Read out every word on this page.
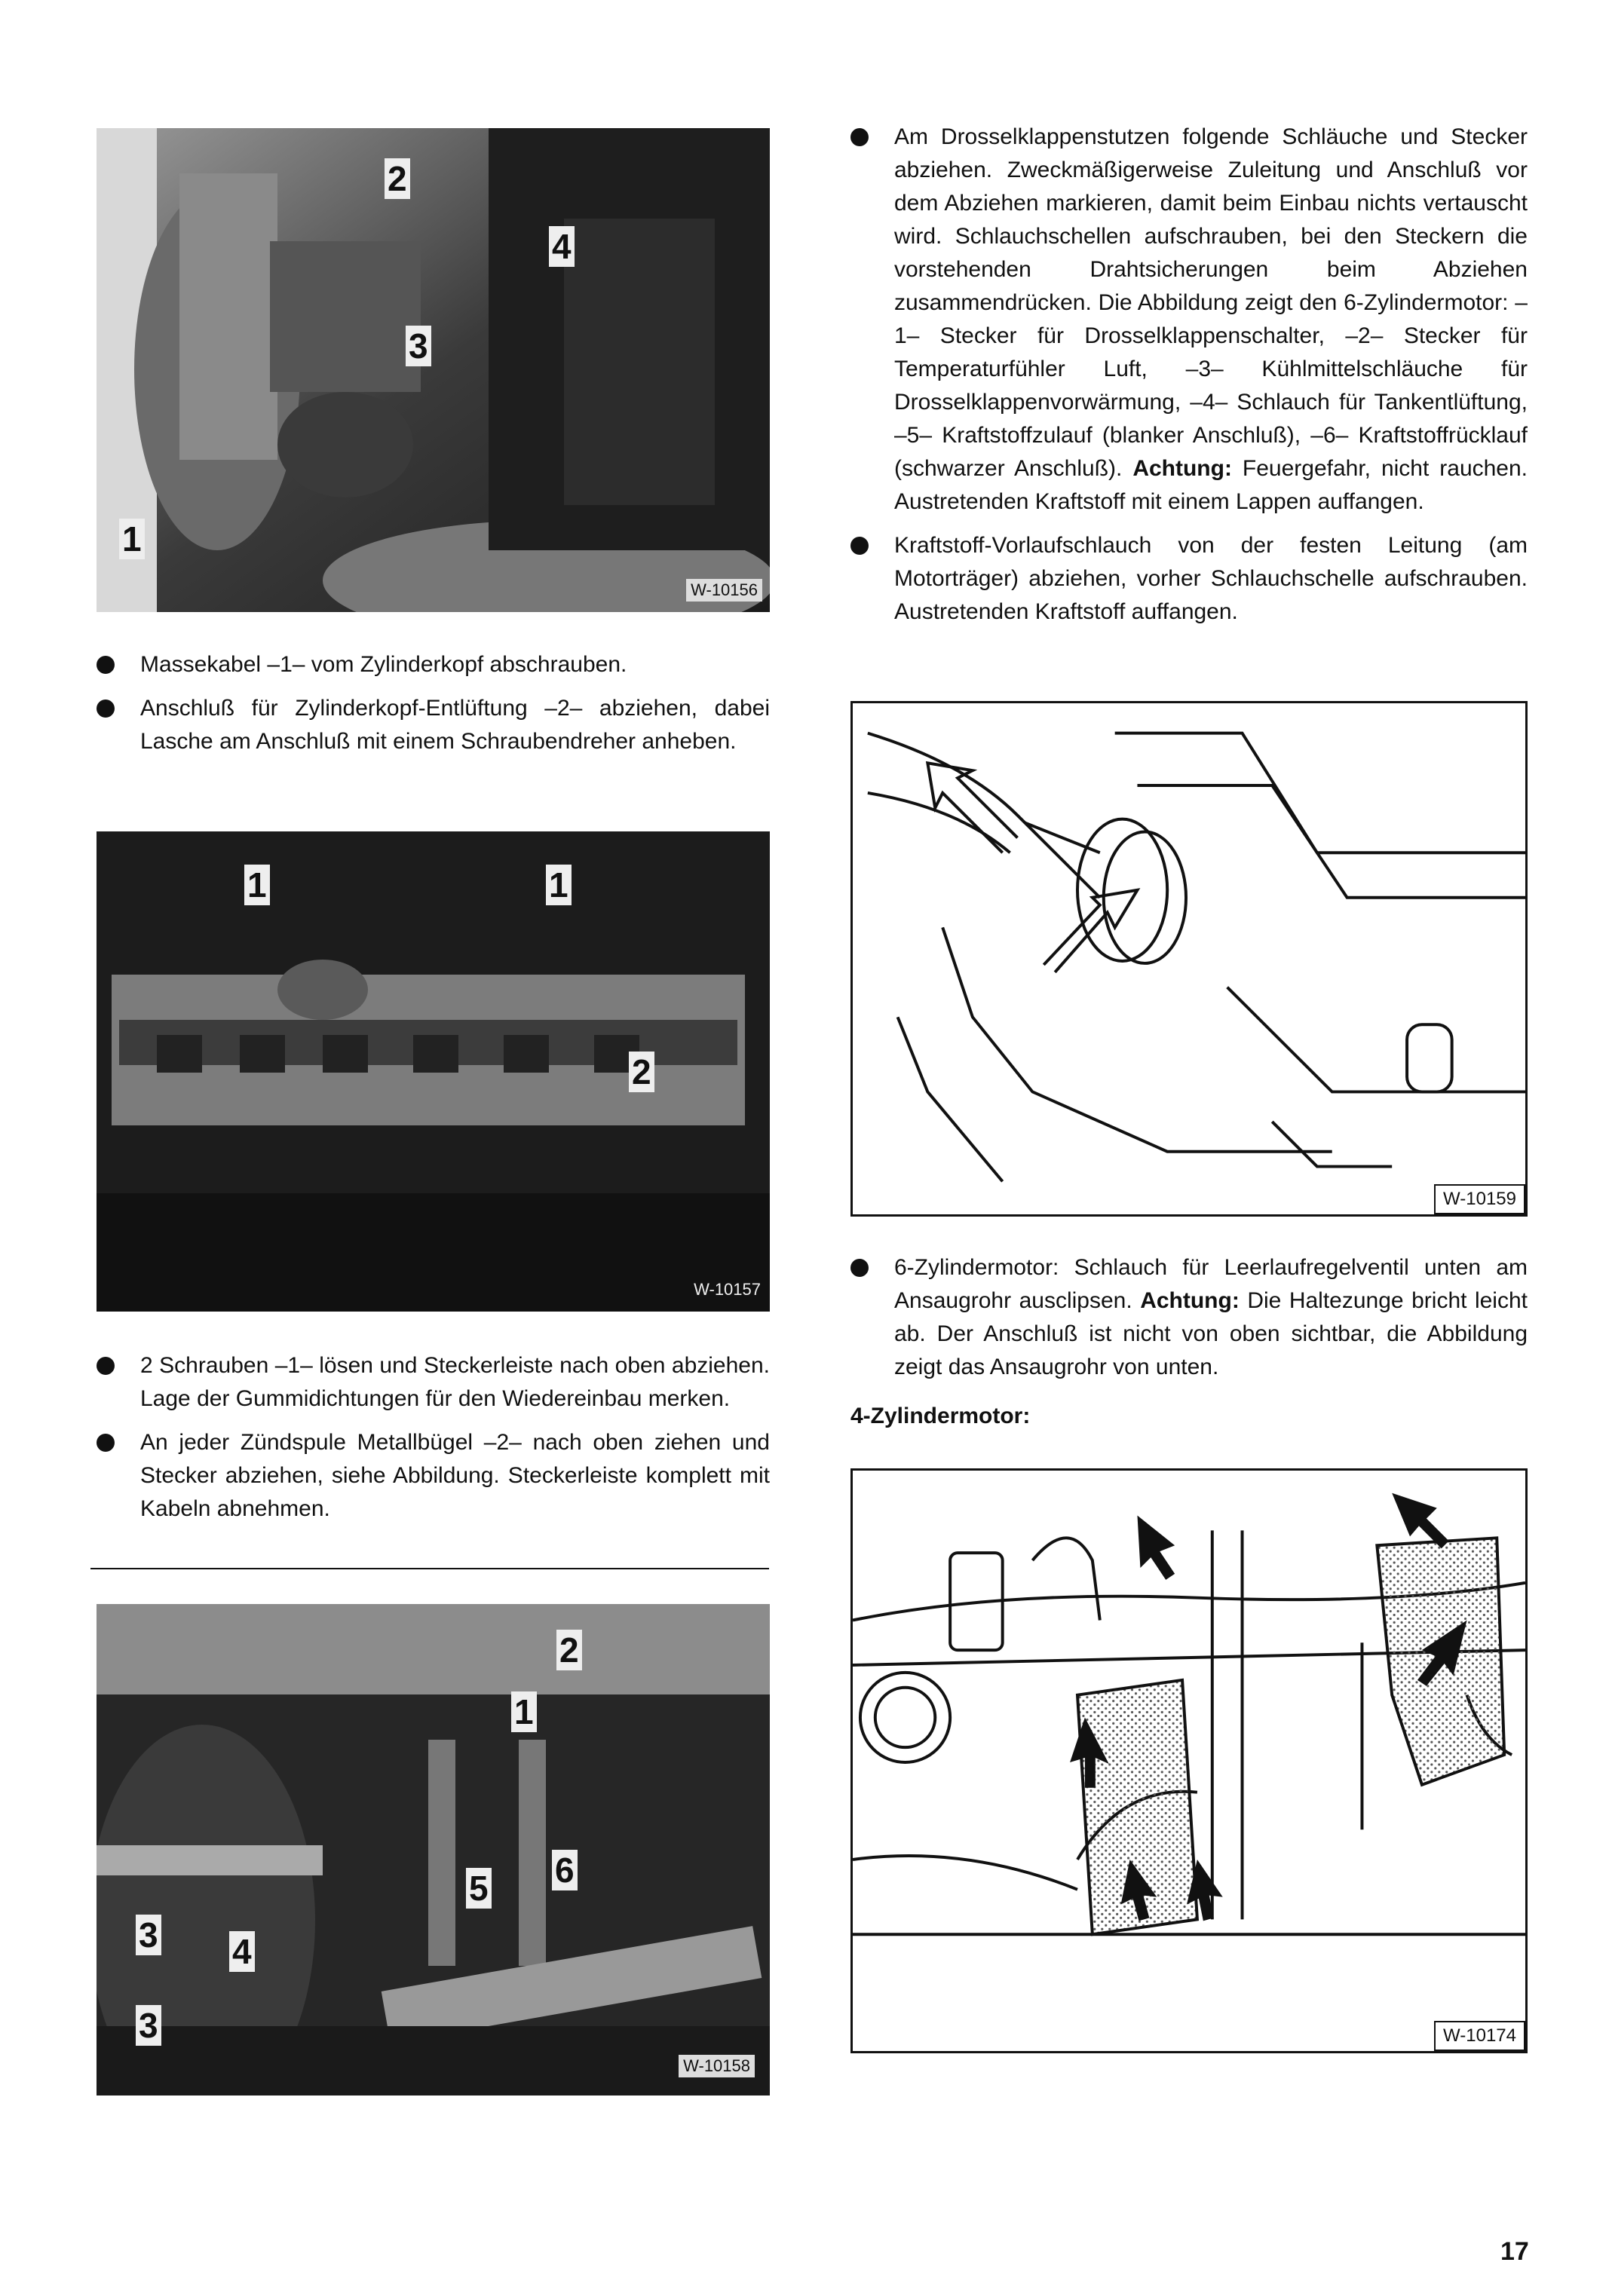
2
4
3
1
W-10156
Massekabel –1– vom Zylinderkopf abschrauben.
Anschluß für Zylinderkopf-Entlüftung –2– abziehen, dabei Lasche am Anschluß mit einem Schraubendreher anheben.
1	1
2
W-10157
2 Schrauben –1– lösen und Steckerleiste nach oben abziehen. Lage der Gummidichtungen für den Wiedereinbau merken.
An jeder Zündspule Metallbügel –2– nach oben ziehen und Stecker abziehen, siehe Abbildung. Steckerleiste komplett mit Kabeln abnehmen.
2
1
5 6
3 4
3
W-10158
Am Drosselklappenstutzen folgende Schläuche und Stecker abziehen. Zweckmäßigerweise Zuleitung und Anschluß vor dem Abziehen markieren, damit beim Einbau nichts vertauscht wird. Schlauchschellen aufschrauben, bei den Steckern die vorstehenden Drahtsicherungen beim Abziehen zusammendrücken. Die Abbildung zeigt den 6-Zylindermotor: –1– Stecker für Drosselklappenschalter, –2– Stecker für Temperaturfühler Luft, –3– Kühlmittelschläuche für Drosselklappenvorwärmung, –4– Schlauch für Tankentlüftung, –5– Kraftstoffzulauf (blanker Anschluß), –6– Kraftstoffrücklauf (schwarzer Anschluß). Achtung: Feuergefahr, nicht rauchen. Austretenden Kraftstoff mit einem Lappen auffangen.
Kraftstoff-Vorlaufschlauch von der festen Leitung (am Motorträger) abziehen, vorher Schlauchschelle aufschrauben. Austretenden Kraftstoff auffangen.
W-10159
6-Zylindermotor: Schlauch für Leerlaufregelventil unten am Ansaugrohr ausclipsen. Achtung: Die Haltezunge bricht leicht ab. Der Anschluß ist nicht von oben sichtbar, die Abbildung zeigt das Ansaugrohr von unten.
4-Zylindermotor:
W-10174
17
